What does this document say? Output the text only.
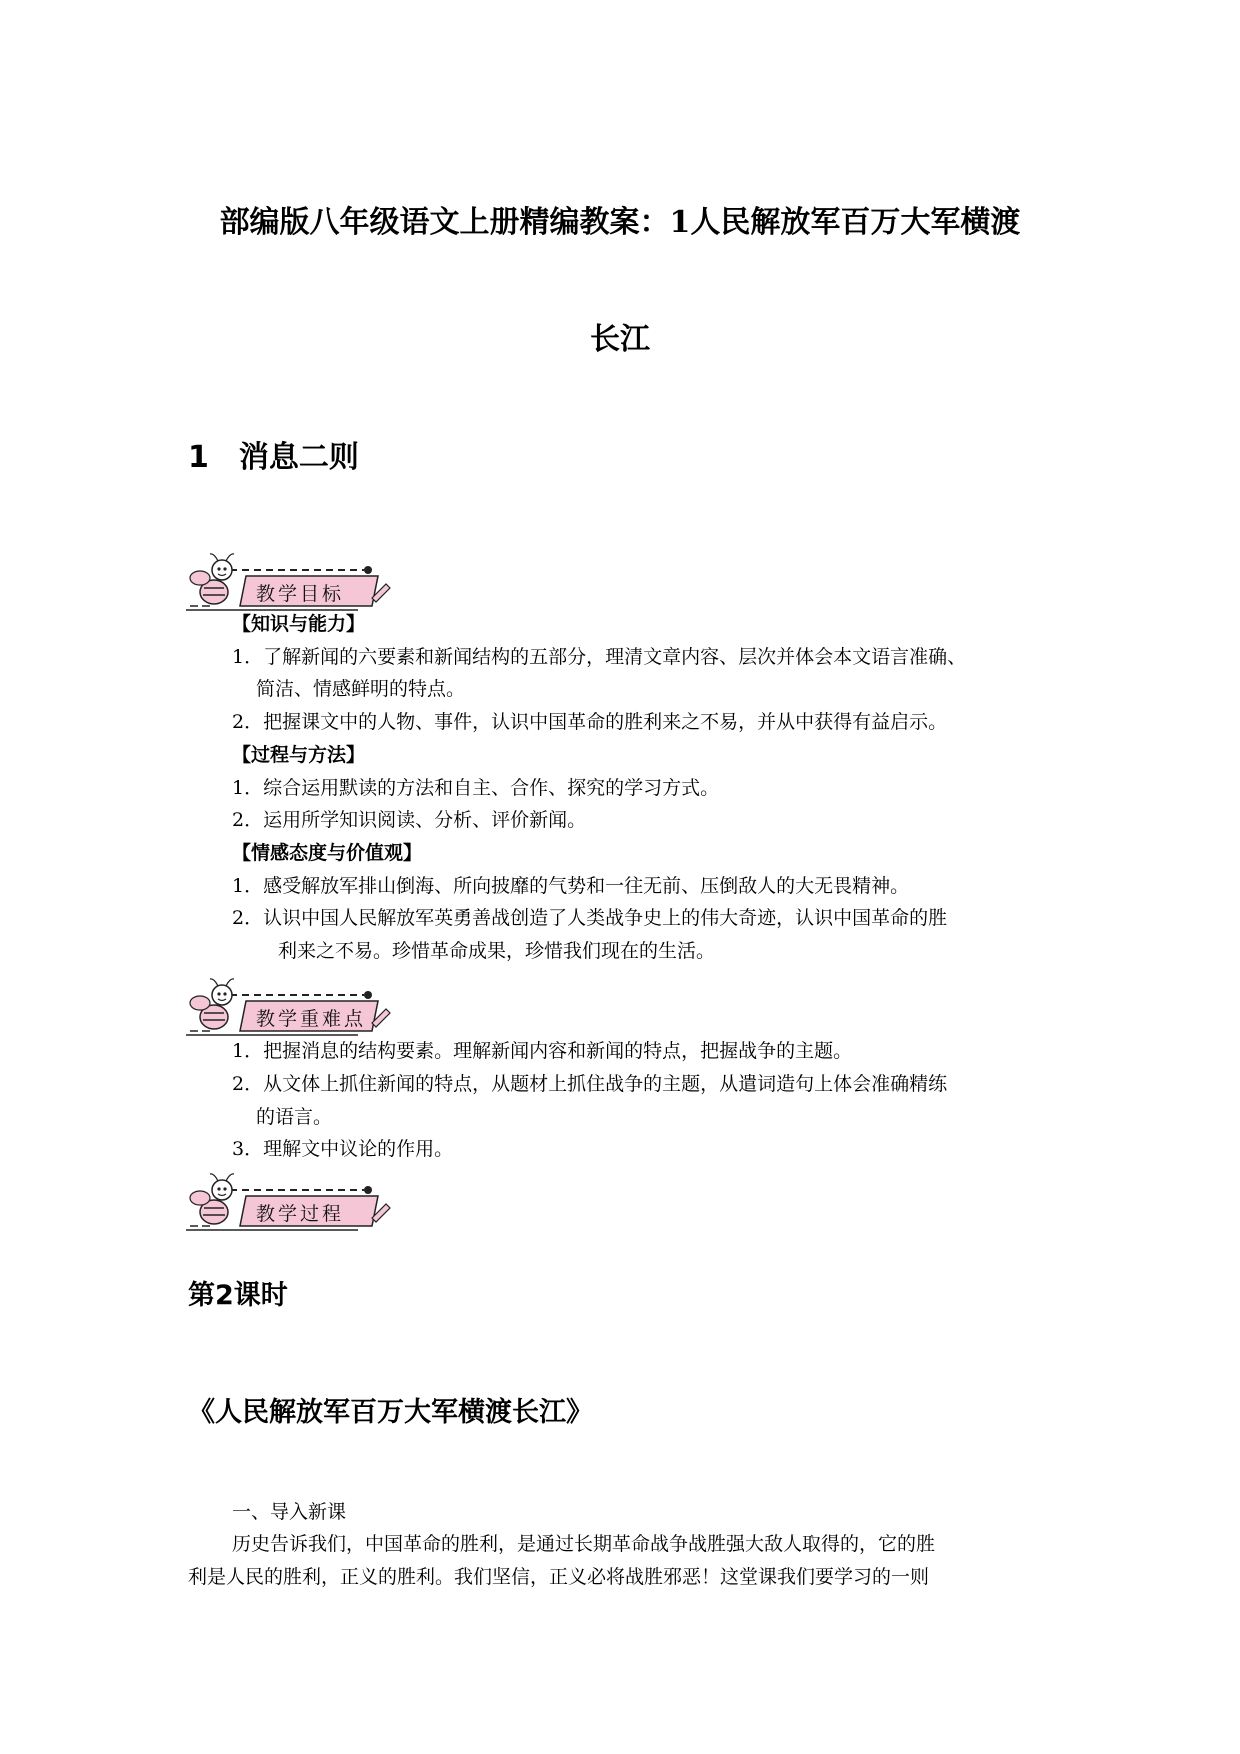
部编版八年级语文上册精编教案：1人民解放军百万大军横渡
长江
1　消息二则
教学目标

【知识与能力】

1．了解新闻的六要素和新闻结构的五部分，理清文章内容、层次并体会本文语言准确、

简洁、情感鲜明的特点。

2．把握课文中的人物、事件，认识中国革命的胜利来之不易，并从中获得有益启示。

【过程与方法】

1．综合运用默读的方法和自主、合作、探究的学习方式。

2．运用所学知识阅读、分析、评价新闻。

【情感态度与价值观】

1．感受解放军排山倒海、所向披靡的气势和一往无前、压倒敌人的大无畏精神。

2．认识中国人民解放军英勇善战创造了人类战争史上的伟大奇迹，认识中国革命的胜

利来之不易。珍惜革命成果，珍惜我们现在的生活。

教学重难点

1．把握消息的结构要素。理解新闻内容和新闻的特点，把握战争的主题。

2．从文体上抓住新闻的特点，从题材上抓住战争的主题，从遣词造句上体会准确精练

的语言。

3．理解文中议论的作用。

教学过程
第2课时
《人民解放军百万大军横渡长江》

一、导入新课

历史告诉我们，中国革命的胜利，是通过长期革命战争战胜强大敌人取得的，它的胜

利是人民的胜利，正义的胜利。我们坚信，正义必将战胜邪恶！这堂课我们要学习的一则
